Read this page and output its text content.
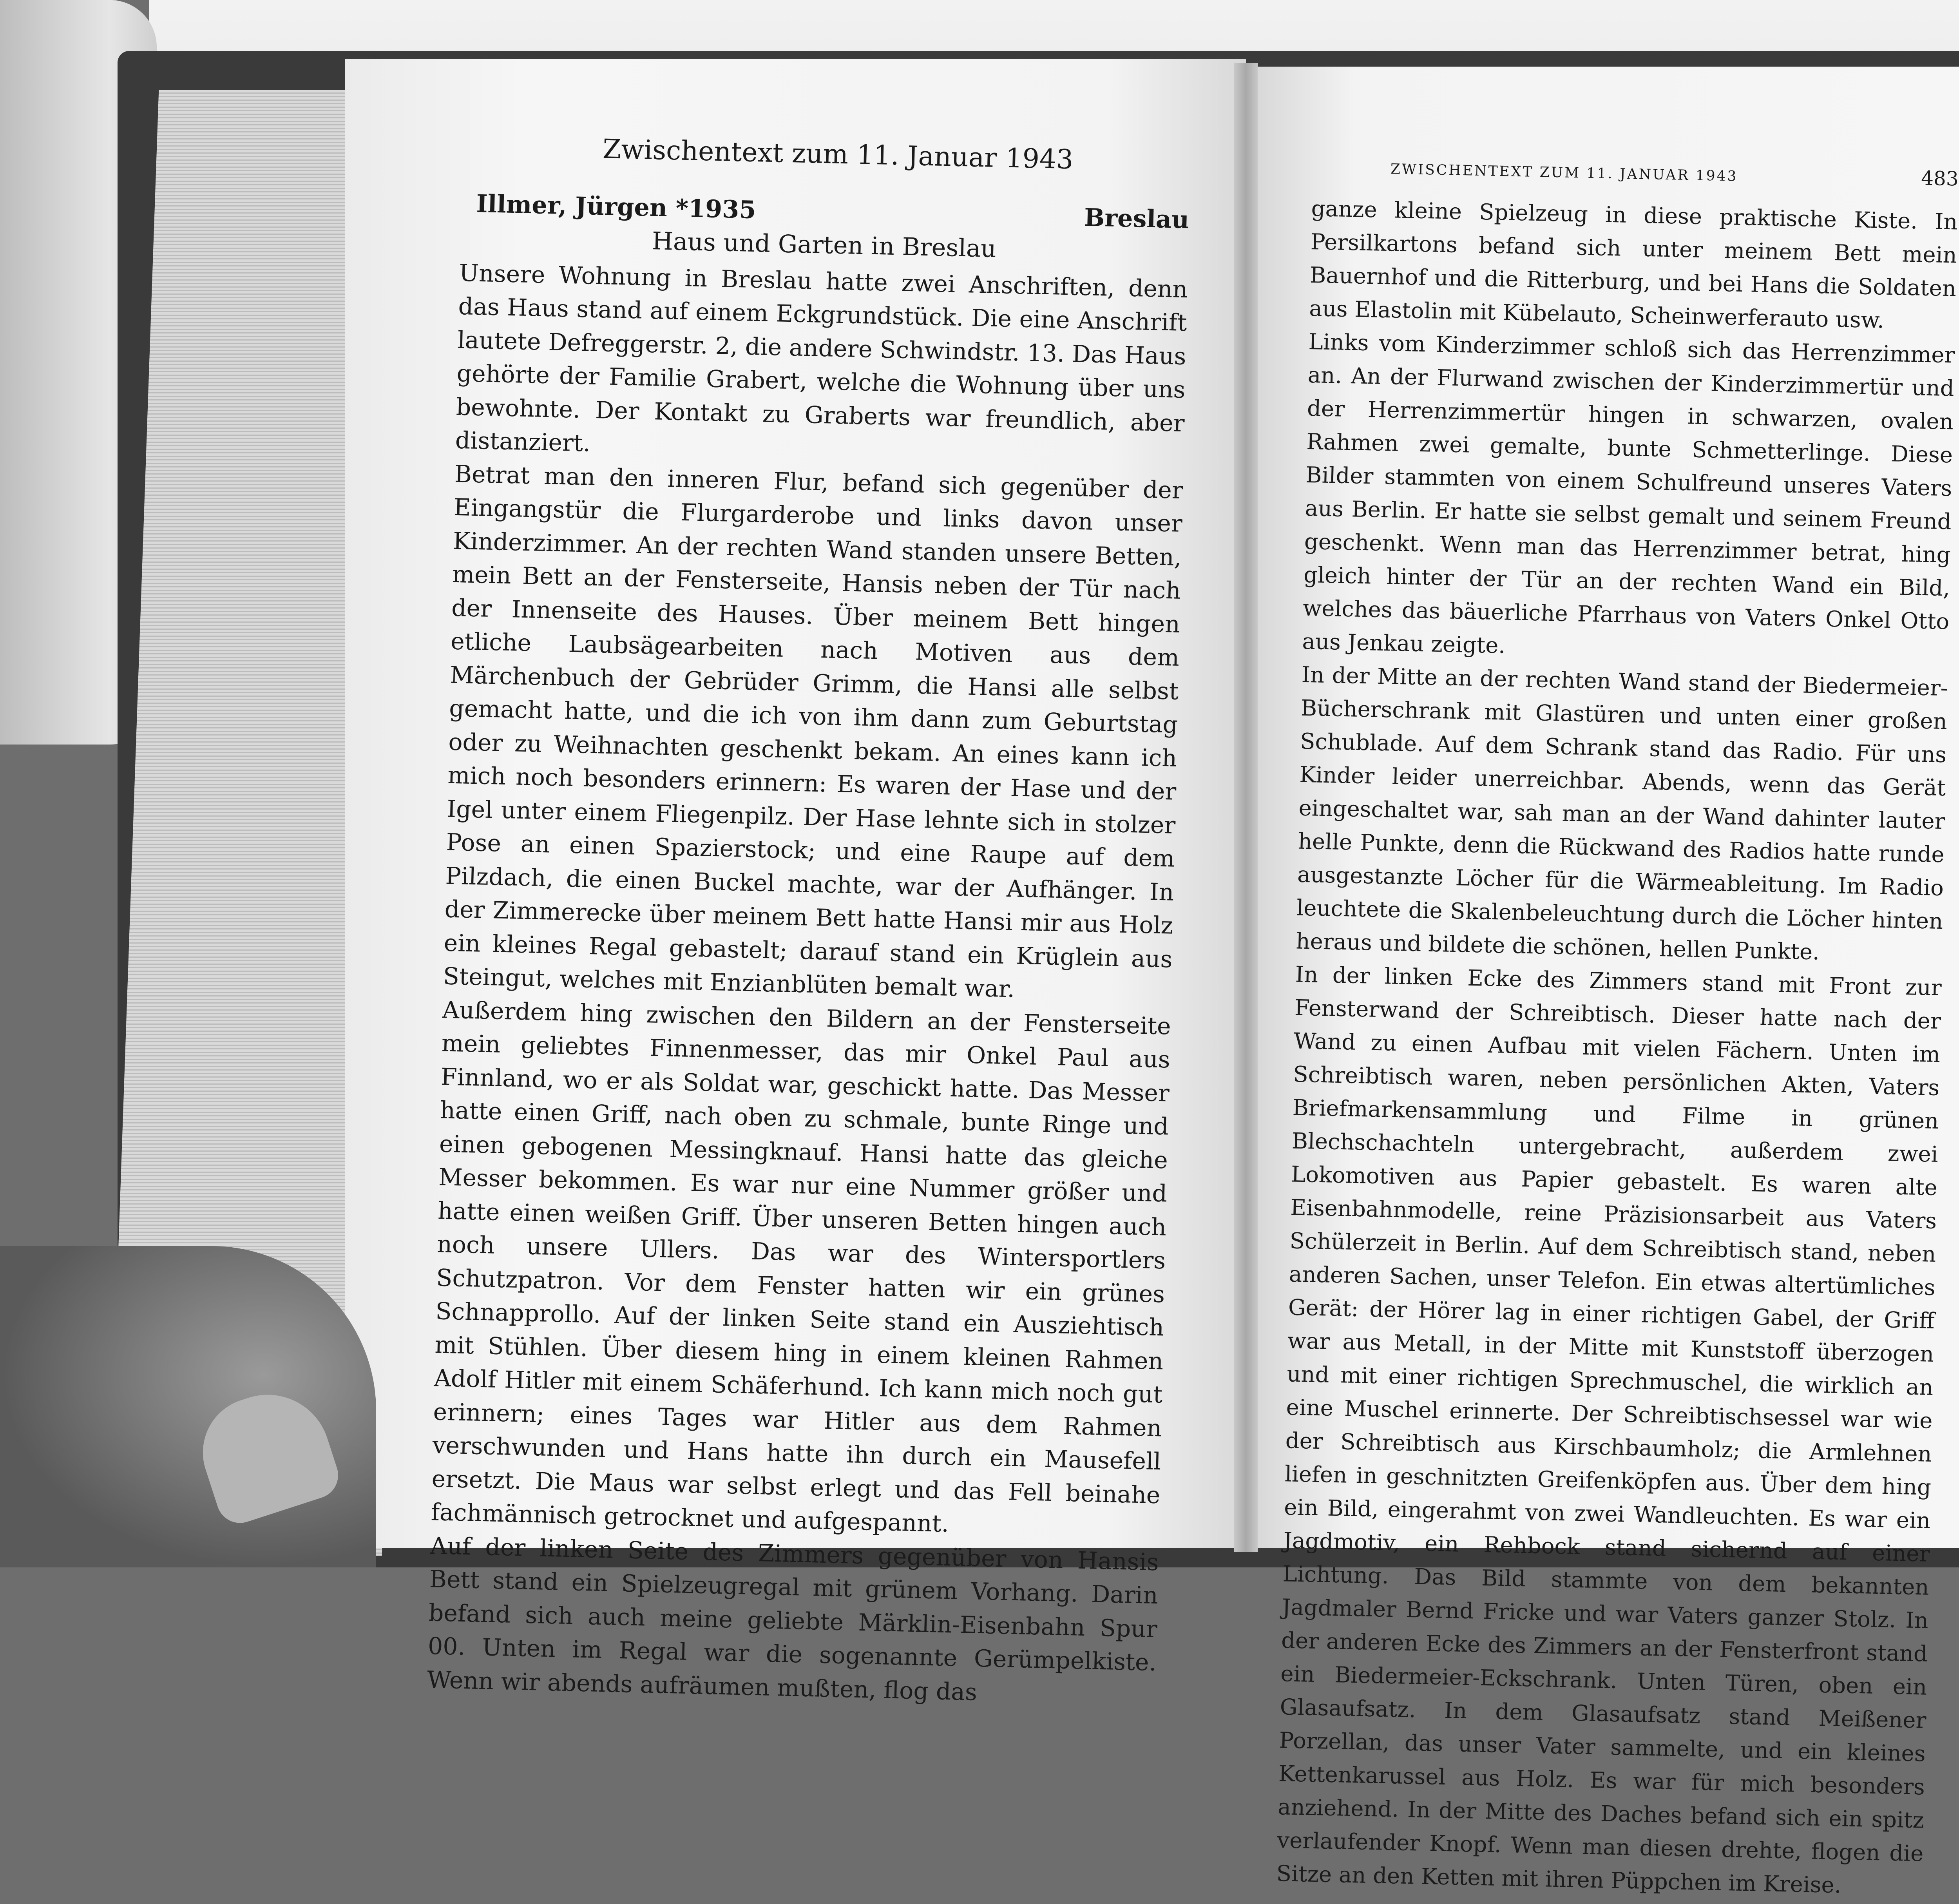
Zwischentext zum 11. Januar 1943
Illmer, Jürgen *1935	Breslau
Haus und Garten in Breslau

Unsere Wohnung in Breslau hatte zwei Anschriften, denn das Haus stand auf einem Eckgrundstück. Die eine Anschrift lautete Defreggerstr. 2, die andere Schwindstr. 13. Das Haus gehörte der Familie Grabert, welche die Wohnung über uns bewohnte. Der Kontakt zu Graberts war freundlich, aber distanziert.

Betrat man den inneren Flur, befand sich gegenüber der Eingangstür die Flurgarderobe und links davon unser Kinderzimmer. An der rechten Wand standen unsere Betten, mein Bett an der Fensterseite, Hansis neben der Tür nach der Innenseite des Hauses. Über meinem Bett hingen etliche Laubsägearbeiten nach Motiven aus dem Märchenbuch der Gebrüder Grimm, die Hansi alle selbst gemacht hatte, und die ich von ihm dann zum Geburtstag oder zu Weihnachten geschenkt bekam. An eines kann ich mich noch besonders erinnern: Es waren der Hase und der Igel unter einem Fliegenpilz. Der Hase lehnte sich in stolzer Pose an einen Spazierstock; und eine Raupe auf dem Pilzdach, die einen Buckel machte, war der Aufhänger. In der Zimmerecke über meinem Bett hatte Hansi mir aus Holz ein kleines Regal gebastelt; darauf stand ein Krüglein aus Steingut, welches mit Enzianblüten bemalt war.

Außerdem hing zwischen den Bildern an der Fensterseite mein geliebtes Finnenmesser, das mir Onkel Paul aus Finnland, wo er als Soldat war, geschickt hatte. Das Messer hatte einen Griff, nach oben zu schmale, bunte Ringe und einen gebogenen Messingknauf. Hansi hatte das gleiche Messer bekommen. Es war nur eine Nummer größer und hatte einen weißen Griff. Über unseren Betten hingen auch noch unsere Ullers. Das war des Wintersportlers Schutzpatron. Vor dem Fenster hatten wir ein grünes Schnapprollo. Auf der linken Seite stand ein Ausziehtisch mit Stühlen. Über diesem hing in einem kleinen Rahmen Adolf Hitler mit einem Schäferhund. Ich kann mich noch gut erinnern; eines Tages war Hitler aus dem Rahmen verschwunden und Hans hatte ihn durch ein Mausefell ersetzt. Die Maus war selbst erlegt und das Fell beinahe fachmännisch getrocknet und aufgespannt.

Auf der linken Seite des Zimmers gegenüber von Hansis Bett stand ein Spielzeugregal mit grünem Vorhang. Darin befand sich auch meine geliebte Märklin-Eisenbahn Spur 00. Unten im Regal war die sogenannte Gerümpelkiste. Wenn wir abends aufräumen mußten, flog das

ZWISCHENTEXT ZUM 11. JANUAR 1943	483

ganze kleine Spielzeug in diese praktische Kiste. In Persilkartons befand sich unter meinem Bett mein Bauernhof und die Ritterburg, und bei Hans die Soldaten aus Elastolin mit Kübelauto, Scheinwerferauto usw.

Links vom Kinderzimmer schloß sich das Herrenzimmer an. An der Flurwand zwischen der Kinderzimmertür und der Herrenzimmertür hingen in schwarzen, ovalen Rahmen zwei gemalte, bunte Schmetterlinge. Diese Bilder stammten von einem Schulfreund unseres Vaters aus Berlin. Er hatte sie selbst gemalt und seinem Freund geschenkt. Wenn man das Herrenzimmer betrat, hing gleich hinter der Tür an der rechten Wand ein Bild, welches das bäuerliche Pfarrhaus von Vaters Onkel Otto aus Jenkau zeigte.

In der Mitte an der rechten Wand stand der Biedermeier-Bücherschrank mit Glastüren und unten einer großen Schublade. Auf dem Schrank stand das Radio. Für uns Kinder leider unerreichbar. Abends, wenn das Gerät eingeschaltet war, sah man an der Wand dahinter lauter helle Punkte, denn die Rückwand des Radios hatte runde ausgestanzte Löcher für die Wärmeableitung. Im Radio leuchtete die Skalenbeleuchtung durch die Löcher hinten heraus und bildete die schönen, hellen Punkte.

In der linken Ecke des Zimmers stand mit Front zur Fensterwand der Schreibtisch. Dieser hatte nach der Wand zu einen Aufbau mit vielen Fächern. Unten im Schreibtisch waren, neben persönlichen Akten, Vaters Briefmarkensammlung und Filme in grünen Blechschachteln untergebracht, außerdem zwei Lokomotiven aus Papier gebastelt. Es waren alte Eisenbahnmodelle, reine Präzisionsarbeit aus Vaters Schülerzeit in Berlin. Auf dem Schreibtisch stand, neben anderen Sachen, unser Telefon. Ein etwas altertümliches Gerät: der Hörer lag in einer richtigen Gabel, der Griff war aus Metall, in der Mitte mit Kunststoff überzogen und mit einer richtigen Sprechmuschel, die wirklich an eine Muschel erinnerte. Der Schreibtischsessel war wie der Schreibtisch aus Kirschbaumholz; die Armlehnen liefen in geschnitzten Greifenköpfen aus. Über dem hing ein Bild, eingerahmt von zwei Wandleuchten. Es war ein Jagdmotiv, ein Rehbock stand sichernd auf einer Lichtung. Das Bild stammte von dem bekannten Jagdmaler Bernd Fricke und war Vaters ganzer Stolz. In der anderen Ecke des Zimmers an der Fensterfront stand ein Biedermeier-Eckschrank. Unten Türen, oben ein Glasaufsatz. In dem Glasaufsatz stand Meißener Porzellan, das unser Vater sammelte, und ein kleines Kettenkarussel aus Holz. Es war für mich besonders anziehend. In der Mitte des Daches befand sich ein spitz verlaufender Knopf. Wenn man diesen drehte, flogen die Sitze an den Ketten mit ihren Püppchen im Kreise.
